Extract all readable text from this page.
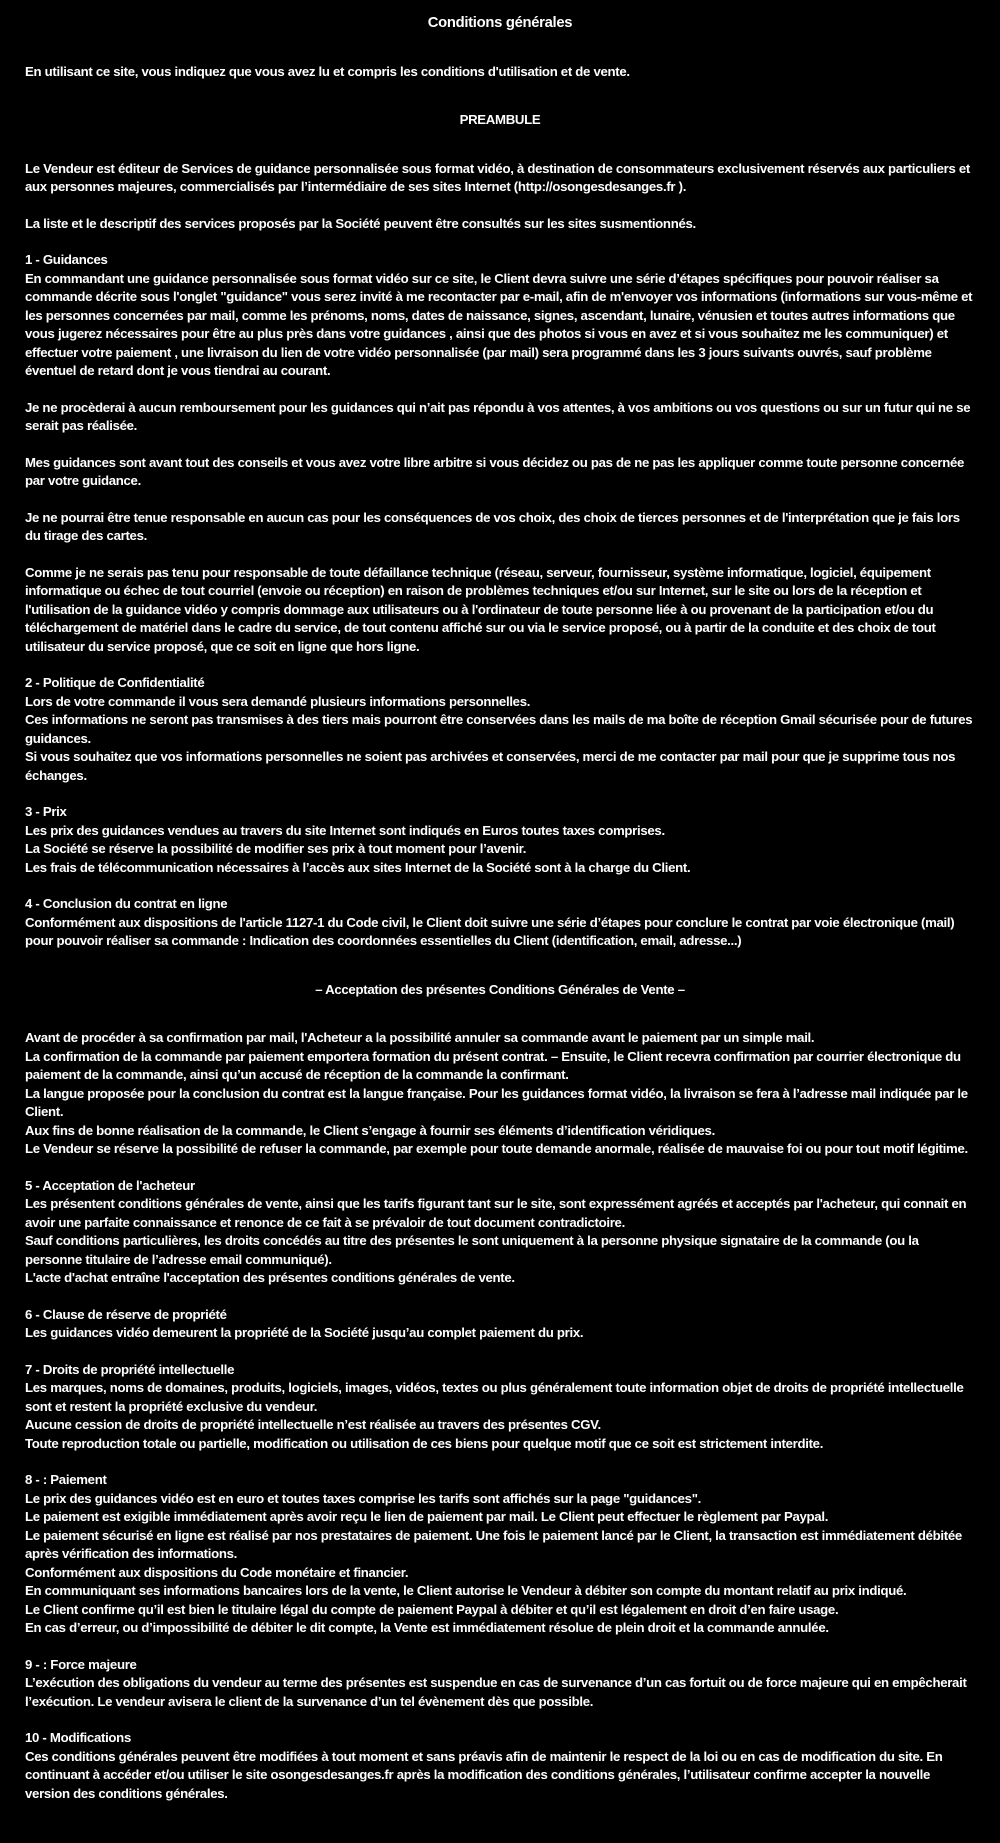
Conditions générales
En utilisant ce site, vous indiquez que vous avez lu et compris les conditions d'utilisation et de vente.
PREAMBULE
Le Vendeur est éditeur de Services de guidance personnalisée sous format vidéo, à destination de consommateurs exclusivement réservés aux particuliers et aux personnes majeures, commercialisés par l’intermédiaire de ses sites Internet (http://osongesdesanges.fr ).
La liste et le descriptif des services proposés par la Société peuvent être consultés sur les sites susmentionnés.
1 - Guidances
En commandant une guidance personnalisée sous format vidéo sur ce site, le Client devra suivre une série d’étapes spécifiques pour pouvoir réaliser sa commande décrite sous l'onglet "guidance" vous serez invité à me recontacter par e-mail, afin de m'envoyer vos informations (informations sur vous-même et les personnes concernées par mail, comme les prénoms, noms, dates de naissance, signes, ascendant, lunaire, vénusien et toutes autres informations que vous jugerez nécessaires pour être au plus près dans votre guidances , ainsi que des photos si vous en avez et si vous souhaitez me les communiquer) et effectuer votre paiement , une livraison du lien de votre vidéo personnalisée (par mail) sera programmé dans les 3 jours suivants ouvrés, sauf problème éventuel de retard dont je vous tiendrai au courant.
Je ne procèderai à aucun remboursement pour les guidances qui n’ait pas répondu à vos attentes, à vos ambitions ou vos questions ou sur un futur qui ne se serait pas réalisée.
Mes guidances sont avant tout des conseils et vous avez votre libre arbitre si vous décidez ou pas de ne pas les appliquer comme toute personne concernée par votre guidance.
Je ne pourrai être tenue responsable en aucun cas pour les conséquences de vos choix, des choix de tierces personnes et de l'interprétation que je fais lors du tirage des cartes.
Comme je ne serais pas tenu pour responsable de toute défaillance technique (réseau, serveur, fournisseur, système informatique, logiciel, équipement informatique ou échec de tout courriel (envoie ou réception) en raison de problèmes techniques et/ou sur Internet, sur le site ou lors de la réception et l'utilisation de la guidance vidéo y compris dommage aux utilisateurs ou à l'ordinateur de toute personne liée à ou provenant de la participation et/ou du téléchargement de matériel dans le cadre du service, de tout contenu affiché sur ou via le service proposé, ou à partir de la conduite et des choix de tout utilisateur du service proposé, que ce soit en ligne que hors ligne.
2 - Politique de Confidentialité
Lors de votre commande il vous sera demandé plusieurs informations personnelles.
Ces informations ne seront pas transmises à des tiers mais pourront être conservées dans les mails de ma boîte de réception Gmail sécurisée pour de futures guidances.
Si vous souhaitez que vos informations personnelles ne soient pas archivées et conservées, merci de me contacter par mail pour que je supprime tous nos échanges.
3 - Prix
Les prix des guidances vendues au travers du site Internet sont indiqués en Euros toutes taxes comprises.
La Société se réserve la possibilité de modifier ses prix à tout moment pour l’avenir.
Les frais de télécommunication nécessaires à l’accès aux sites Internet de la Société sont à la charge du Client.
4 - Conclusion du contrat en ligne
Conformément aux dispositions de l'article 1127-1 du Code civil, le Client doit suivre une série d’étapes pour conclure le contrat par voie électronique (mail) pour pouvoir réaliser sa commande : Indication des coordonnées essentielles du Client (identification, email, adresse...)
– Acceptation des présentes Conditions Générales de Vente –
Avant de procéder à sa confirmation par mail, l'Acheteur a la possibilité annuler sa commande avant le paiement par un simple mail.
La confirmation de la commande par paiement emportera formation du présent contrat. – Ensuite, le Client recevra confirmation par courrier électronique du paiement de la commande, ainsi qu’un accusé de réception de la commande la confirmant.
La langue proposée pour la conclusion du contrat est la langue française. Pour les guidances format vidéo, la livraison se fera à l’adresse mail indiquée par le Client.
Aux fins de bonne réalisation de la commande, le Client s’engage à fournir ses éléments d’identification véridiques.
Le Vendeur se réserve la possibilité de refuser la commande, par exemple pour toute demande anormale, réalisée de mauvaise foi ou pour tout motif légitime.
5 - Acceptation de l'acheteur
Les présentent conditions générales de vente, ainsi que les tarifs figurant tant sur le site, sont expressément agréés et acceptés par l'acheteur, qui connait en avoir une parfaite connaissance et renonce de ce fait à se prévaloir de tout document contradictoire.
Sauf conditions particulières, les droits concédés au titre des présentes le sont uniquement à la personne physique signataire de la commande (ou la personne titulaire de l’adresse email communiqué).
L'acte d'achat entraîne l'acceptation des présentes conditions générales de vente.
6 - Clause de réserve de propriété
Les guidances vidéo demeurent la propriété de la Société jusqu’au complet paiement du prix.
7 - Droits de propriété intellectuelle
Les marques, noms de domaines, produits, logiciels, images, vidéos, textes ou plus généralement toute information objet de droits de propriété intellectuelle sont et restent la propriété exclusive du vendeur.
Aucune cession de droits de propriété intellectuelle n’est réalisée au travers des présentes CGV.
Toute reproduction totale ou partielle, modification ou utilisation de ces biens pour quelque motif que ce soit est strictement interdite.
8 - : Paiement
Le prix des guidances vidéo est en euro et toutes taxes comprise les tarifs sont affichés sur la page "guidances".
Le paiement est exigible immédiatement après avoir reçu le lien de paiement par mail. Le Client peut effectuer le règlement par Paypal.
Le paiement sécurisé en ligne est réalisé par nos prestataires de paiement. Une fois le paiement lancé par le Client, la transaction est immédiatement débitée après vérification des informations.
Conformément aux dispositions du Code monétaire et financier.
En communiquant ses informations bancaires lors de la vente, le Client autorise le Vendeur à débiter son compte du montant relatif au prix indiqué.
Le Client confirme qu’il est bien le titulaire légal du compte de paiement Paypal à débiter et qu’il est légalement en droit d’en faire usage.
En cas d’erreur, ou d’impossibilité de débiter le dit compte, la Vente est immédiatement résolue de plein droit et la commande annulée.
9 - : Force majeure
L’exécution des obligations du vendeur au terme des présentes est suspendue en cas de survenance d’un cas fortuit ou de force majeure qui en empêcherait l’exécution. Le vendeur avisera le client de la survenance d’un tel évènement dès que possible.
10 - Modifications
Ces conditions générales peuvent être modifiées à tout moment et sans préavis afin de maintenir le respect de la loi ou en cas de modification du site. En continuant à accéder et/ou utiliser le site osongesdesanges.fr après la modification des conditions générales, l’utilisateur confirme accepter la nouvelle version des conditions générales.
